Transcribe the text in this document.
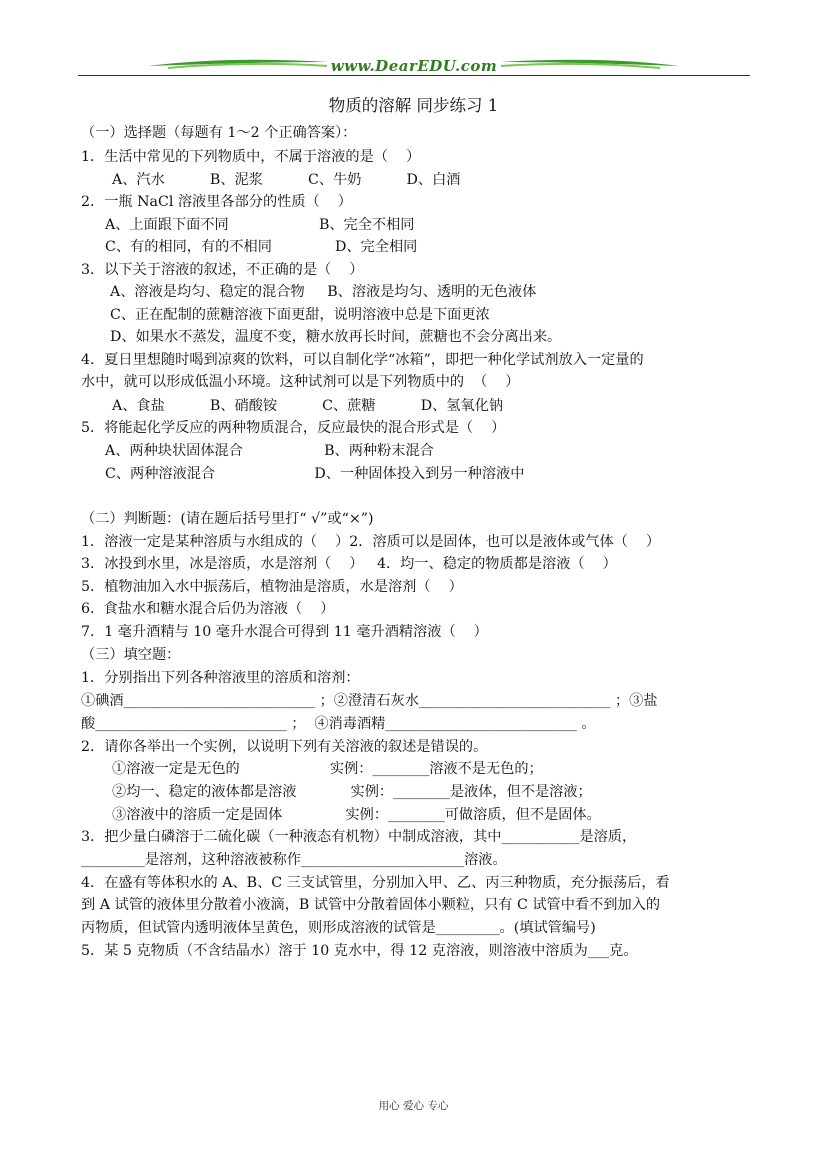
www.DearEDU.com
物质的溶解 同步练习 1
（一）选择题（每题有 1～2 个正确答案）：
1．生活中常见的下列物质中，不属于溶液的是（    ）
A、汽水          B、泥浆          C、牛奶          D、白酒
2．一瓶 NaCl 溶液里各部分的性质（    ）
A、上面跟下面不同                    B、完全不相同
C、有的相同，有的不相同              D、完全相同
3．以下关于溶液的叙述，不正确的是（    ）
A、溶液是均匀、稳定的混合物     B、溶液是均匀、透明的无色液体
C、正在配制的蔗糖溶液下面更甜，说明溶液中总是下面更浓
D、如果水不蒸发，温度不变，糖水放再长时间，蔗糖也不会分离出来。
4．夏日里想随时喝到凉爽的饮料，可以自制化学“冰箱”，即把一种化学试剂放入一定量的
水中，就可以形成低温小环境。这种试剂可以是下列物质中的  （    ）
A、食盐          B、硝酸铵          C、蔗糖          D、氢氧化钠
5．将能起化学反应的两种物质混合，反应最快的混合形式是（    ）
A、两种块状固体混合                  B、两种粉末混合
C、两种溶液混合                      D、一种固体投入到另一种溶液中
（二）判断题：(请在题后括号里打“ √”或“×”)
1．溶液一定是某种溶质与水组成的（    ）2．溶质可以是固体，也可以是液体或气体（    ）
3．冰投到水里，冰是溶质，水是溶剂（    ）   4．均一、稳定的物质都是溶液（    ）
5．植物油加入水中振荡后，植物油是溶质，水是溶剂（    ）
6.  食盐水和糖水混合后仍为溶液（    ）
7．1 毫升酒精与 10 毫升水混合可得到 11 毫升酒精溶液（    ）
（三）填空题：
1．分别指出下列各种溶液里的溶质和溶剂：
①碘酒___________________________ ；②澄清石灰水___________________________ ；③盐
酸___________________________ ；  ④消毒酒精___________________________ 。
2．请你各举出一个实例，以说明下列有关溶液的叙述是错误的。
①溶液一定是无色的                    实例：________溶液不是无色的；
②均一、稳定的液体都是溶液            实例：________是液体，但不是溶液；
③溶液中的溶质一定是固体              实例：________可做溶质，但不是固体。
3．把少量白磷溶于二硫化碳（一种液态有机物）中制成溶液，其中___________是溶质，
_________是溶剂，这种溶液被称作_______________________溶液。
4．在盛有等体积水的 A、B、C 三支试管里，分别加入甲、乙、丙三种物质，充分振荡后，看
到 A 试管的液体里分散着小液滴，B 试管中分散着固体小颗粒，只有 C 试管中看不到加入的
丙物质，但试管内透明液体呈黄色，则形成溶液的试管是_________。(填试管编号)
5．某 5 克物质（不含结晶水）溶于 10 克水中，得 12 克溶液，则溶液中溶质为___克。
用心 爱心 专心
